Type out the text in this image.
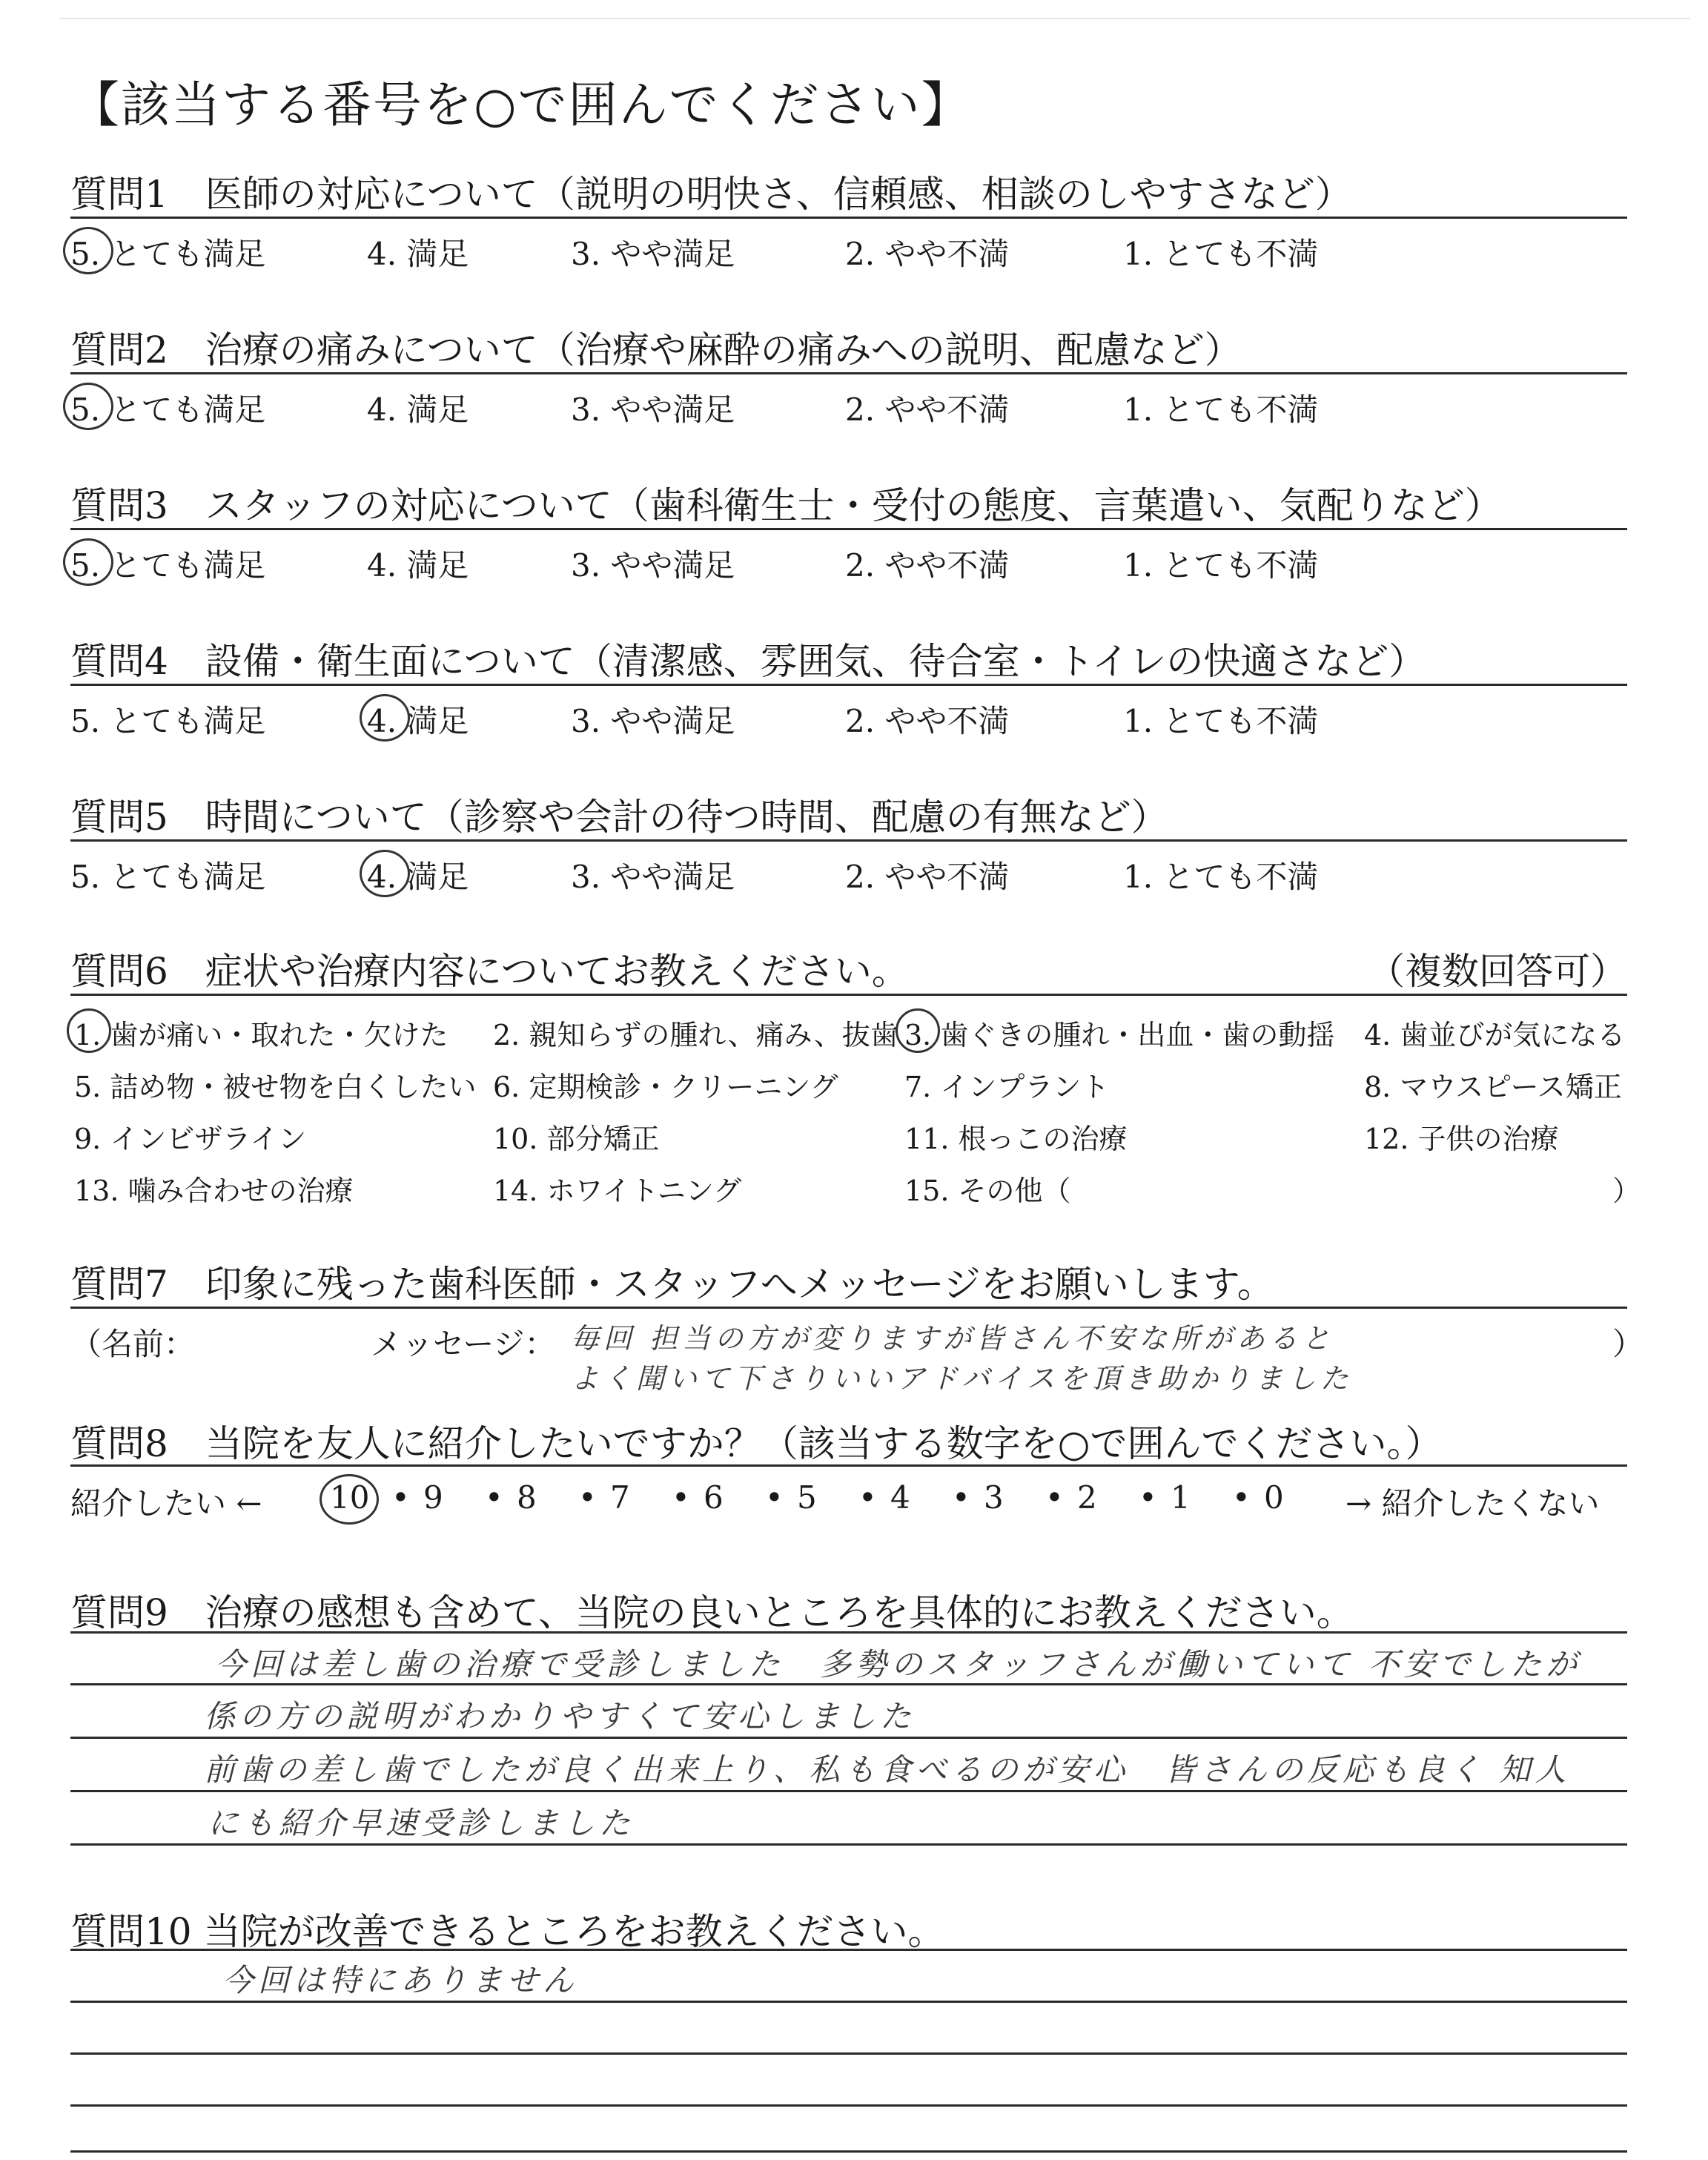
【該当する番号を○で囲んでください】
質問1　医師の対応について（説明の明快さ、信頼感、相談のしやすさなど）
5. とても満足	4. 満足	3. やや満足	2. やや不満	1. とても不満
質問2　治療の痛みについて（治療や麻酔の痛みへの説明、配慮など）
5. とても満足	4. 満足	3. やや満足	2. やや不満	1. とても不満
質問3　スタッフの対応について（歯科衛生士・受付の態度、言葉遣い、気配りなど）
5. とても満足	4. 満足	3. やや満足	2. やや不満	1. とても不満
質問4　設備・衛生面について（清潔感、雰囲気、待合室・トイレの快適さなど）
5. とても満足	4. 満足	3. やや満足	2. やや不満	1. とても不満
質問5　時間について（診察や会計の待つ時間、配慮の有無など）
5. とても満足	4. 満足	3. やや満足	2. やや不満	1. とても不満
質問6　症状や治療内容についてお教えください。	（複数回答可）
1. 歯が痛い・取れた・欠けた 2. 親知らずの腫れ、痛み、抜歯 3. 歯ぐきの腫れ・出血・歯の動揺 4. 歯並びが気になる
5. 詰め物・被せ物を白くしたい 6. 定期検診・クリーニング 7. インプラント	8. マウスピース矯正
9. インビザライン	10. 部分矯正	11. 根っこの治療	12. 子供の治療
13. 噛み合わせの治療	14. ホワイトニング	15. その他（	）
質問7　印象に残った歯科医師・スタッフへメッセージをお願いします。
（名前：	メッセージ：	）
毎回 担当の方が変りますが皆さん不安な所があると
よく聞いて下さりいいアドバイスを頂き助かりました
質問8　当院を友人に紹介したいですか？（該当する数字を○で囲んでください。）
紹介したい ←	→ 紹介したくない
10 • 9 • 8 • 7 • 6 • 5 • 4 • 3 • 2 • 1 • 0
質問9　治療の感想も含めて、当院の良いところを具体的にお教えください。
今回は差し歯の治療で受診しました　多勢のスタッフさんが働いていて 不安でしたが
係の方の説明がわかりやすくて安心しました
前歯の差し歯でしたが良く出来上り、私も食べるのが安心　皆さんの反応も良く 知人
にも紹介早速受診しました
質問10 当院が改善できるところをお教えください。
今回は特にありません
